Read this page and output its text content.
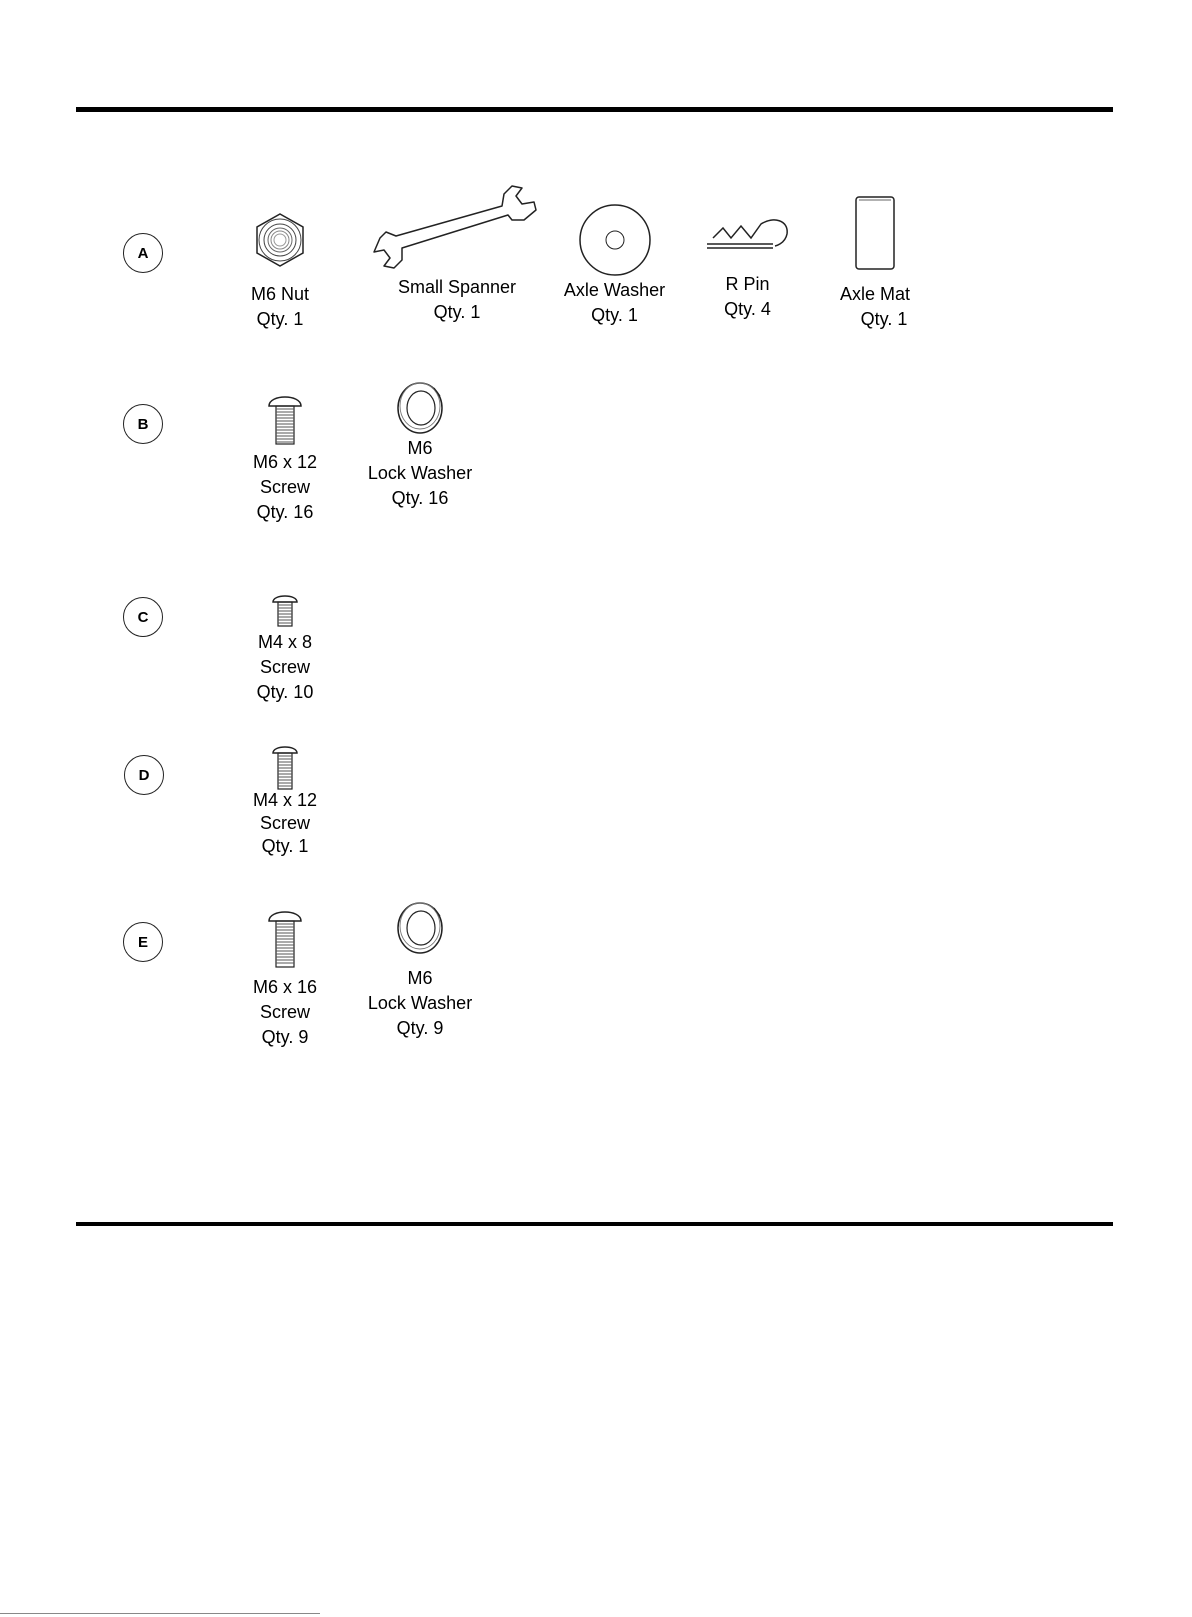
A
M6 Nut
Qty. 1
Small Spanner
Qty. 1
Axle Washer
Qty. 1
R Pin
Qty. 4
Axle Mat
Qty. 1
B
M6 x 12
Screw
Qty. 16
M6
Lock Washer
Qty. 16
C
M4 x 8
Screw
Qty. 10
D
M4 x 12
Screw
Qty. 1
E
M6 x 16
Screw
Qty. 9
M6
Lock Washer
Qty. 9
